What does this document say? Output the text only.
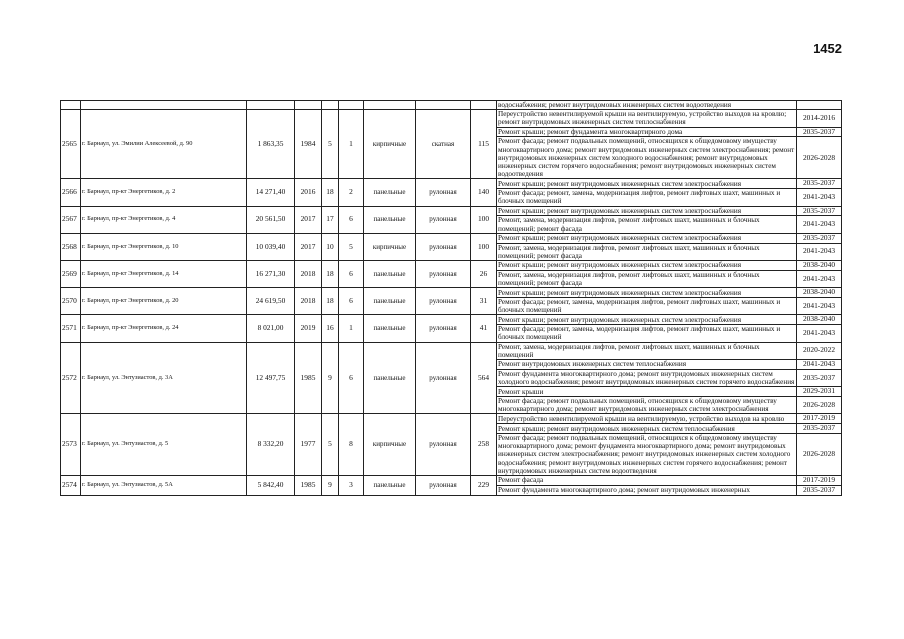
1452
									водоснабжения; ремонт внутридомовых инженерных систем водоотведения	
2565	г. Барнаул, ул. Эмилии Алексеевой, д. 90	1 863,35	1984	5	1	кирпичные	скатная	115	Переустройство невентилируемой крыши на вентилируемую, устройство выходов на кровлю; ремонт внутридомовых инженерных систем теплоснабжения	2014-2016
									Ремонт крыши; ремонт фундамента многоквартирного дома	2035-2037
									Ремонт фасада; ремонт подвальных помещений, относящихся к общедомовому имуществу многоквартирного дома; ремонт внутридомовых инженерных систем электроснабжения; ремонт внутридомовых инженерных систем холодного водоснабжения; ремонт внутридомовых инженерных систем горячего водоснабжения; ремонт внутридомовых инженерных систем водоотведения	2026-2028
2566	г. Барнаул, пр-кт Энергетиков, д. 2	14 271,40	2016	18	2	панельные	рулонная	140	Ремонт крыши; ремонт внутридомовых инженерных систем электроснабжения	2035-2037
									Ремонт фасада; ремонт, замена, модернизация лифтов, ремонт лифтовых шахт, машинных и блочных помещений	2041-2043
2567	г. Барнаул, пр-кт Энергетиков, д. 4	20 561,50	2017	17	6	панельные	рулонная	100	Ремонт крыши; ремонт внутридомовых инженерных систем электроснабжения	2035-2037
									Ремонт, замена, модернизация лифтов, ремонт лифтовых шахт, машинных и блочных помещений; ремонт фасада	2041-2043
2568	г. Барнаул, пр-кт Энергетиков, д. 10	10 039,40	2017	10	5	кирпичные	рулонная	100	Ремонт крыши; ремонт внутридомовых инженерных систем электроснабжения	2035-2037
									Ремонт, замена, модернизация лифтов, ремонт лифтовых шахт, машинных и блочных помещений; ремонт фасада	2041-2043
2569	г. Барнаул, пр-кт Энергетиков, д. 14	16 271,30	2018	18	6	панельные	рулонная	26	Ремонт крыши; ремонт внутридомовых инженерных систем электроснабжения	2038-2040
									Ремонт, замена, модернизация лифтов, ремонт лифтовых шахт, машинных и блочных помещений; ремонт фасада	2041-2043
2570	г. Барнаул, пр-кт Энергетиков, д. 20	24 619,50	2018	18	6	панельные	рулонная	31	Ремонт крыши; ремонт внутридомовых инженерных систем электроснабжения	2038-2040
									Ремонт фасада; ремонт, замена, модернизация лифтов, ремонт лифтовых шахт, машинных и блочных помещений	2041-2043
2571	г. Барнаул, пр-кт Энергетиков, д. 24	8 021,00	2019	16	1	панельные	рулонная	41	Ремонт крыши; ремонт внутридомовых инженерных систем электроснабжения	2038-2040
									Ремонт фасада; ремонт, замена, модернизация лифтов, ремонт лифтовых шахт, машинных и блочных помещений	2041-2043
2572	г. Барнаул, ул. Энтузиастов, д. 3А	12 497,75	1985	9	6	панельные	рулонная	564	Ремонт, замена, модернизация лифтов, ремонт лифтовых шахт, машинных и блочных помещений	2020-2022
									Ремонт внутридомовых инженерных систем теплоснабжения	2041-2043
									Ремонт фундамента многоквартирного дома; ремонт внутридомовых инженерных систем холодного водоснабжения; ремонт внутридомовых инженерных систем горячего водоснабжения	2035-2037
									Ремонт крыши	2029-2031
									Ремонт фасада; ремонт подвальных помещений, относящихся к общедомовому имуществу многоквартирного дома; ремонт внутридомовых инженерных систем электроснабжения	2026-2028
2573	г. Барнаул, ул. Энтузиастов, д. 5	8 332,20	1977	5	8	кирпичные	рулонная	258	Переустройство невентилируемой крыши на вентилируемую, устройство выходов на кровлю	2017-2019
									Ремонт крыши; ремонт внутридомовых инженерных систем теплоснабжения	2035-2037
									Ремонт фасада; ремонт подвальных помещений, относящихся к общедомовому имуществу многоквартирного дома; ремонт фундамента многоквартирного дома; ремонт внутридомовых инженерных систем электроснабжения; ремонт внутридомовых инженерных систем холодного водоснабжения; ремонт внутридомовых инженерных систем горячего водоснабжения; ремонт внутридомовых инженерных систем водоотведения	2026-2028
2574	г. Барнаул, ул. Энтузиастов, д. 5А	5 842,40	1985	9	3	панельные	рулонная	229	Ремонт фасада	2017-2019
									Ремонт фундамента многоквартирного дома; ремонт внутридомовых инженерных	2035-2037
